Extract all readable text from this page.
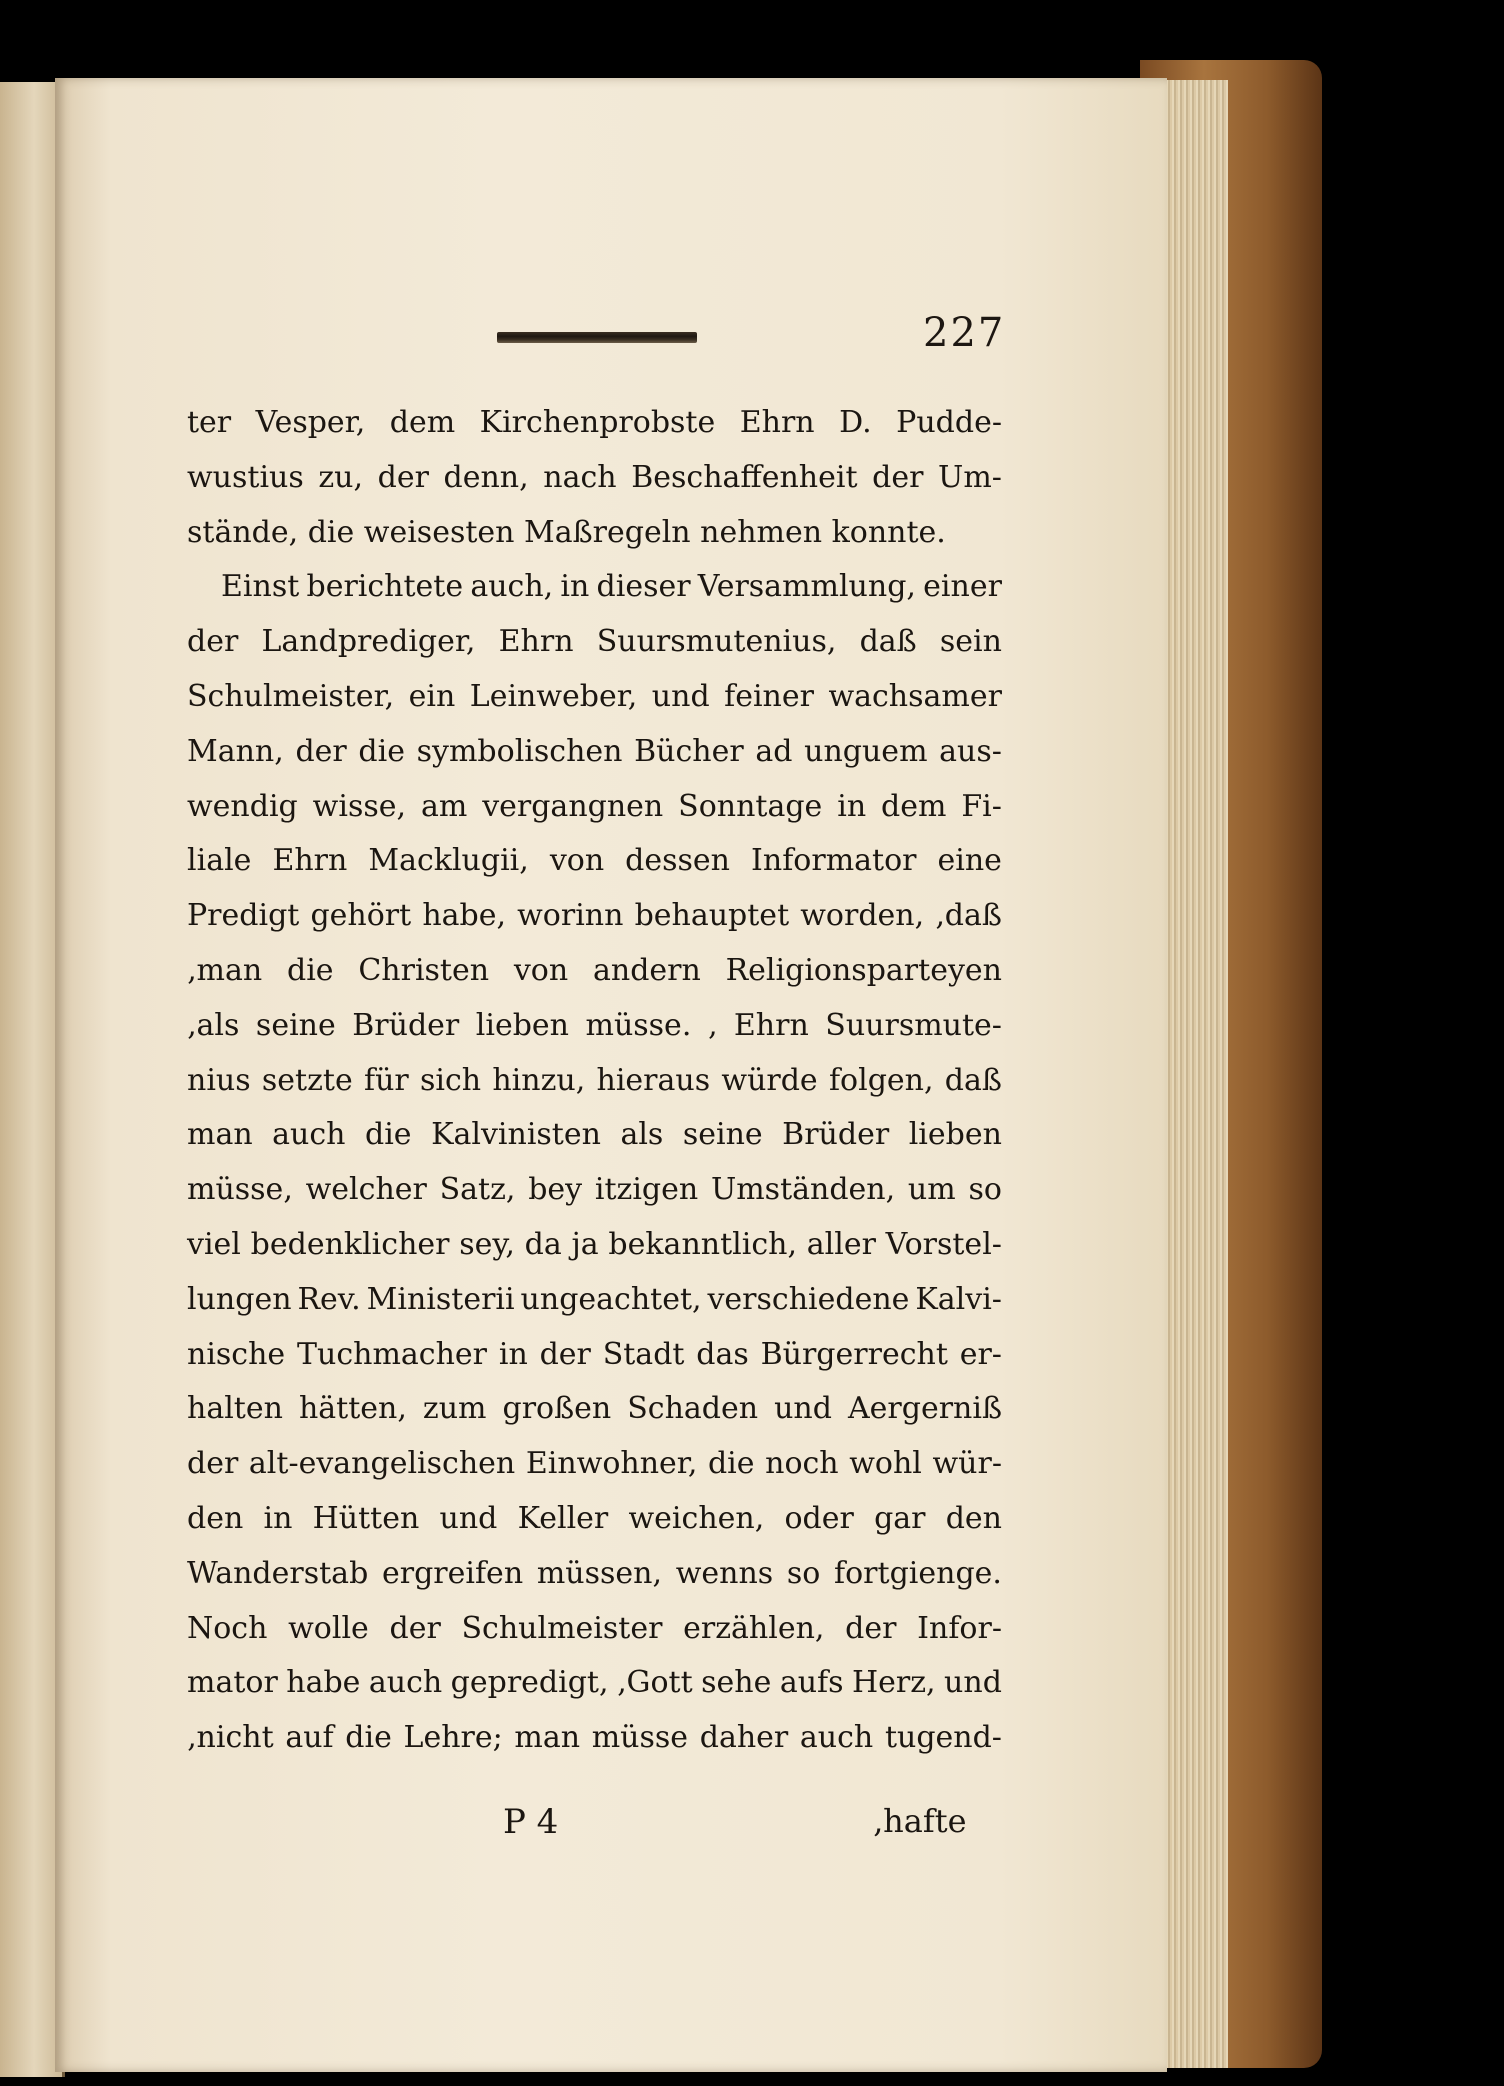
227
ter Vesper, dem Kirchenprobste Ehrn D. Pudde-
wustius zu, der denn, nach Beschaffenheit der Um-
stände, die weisesten Maßregeln nehmen konnte.
Einst berichtete auch, in dieser Versammlung, einer
der Landprediger, Ehrn Suursmutenius, daß sein
Schulmeister, ein Leinweber, und feiner wachsamer
Mann, der die symbolischen Bücher ad unguem aus-
wendig wisse, am vergangnen Sonntage in dem Fi-
liale Ehrn Macklugii, von dessen Informator eine
Predigt gehört habe, worinn behauptet worden, ‚daß
‚man die Christen von andern Religionsparteyen
‚als seine Brüder lieben müsse. ‚ Ehrn Suursmute-
nius setzte für sich hinzu, hieraus würde folgen, daß
man auch die Kalvinisten als seine Brüder lieben
müsse, welcher Satz, bey itzigen Umständen, um so
viel bedenklicher sey, da ja bekanntlich, aller Vorstel-
lungen Rev. Ministerii ungeachtet, verschiedene Kalvi-
nische Tuchmacher in der Stadt das Bürgerrecht er-
halten hätten, zum großen Schaden und Aergerniß
der alt-evangelischen Einwohner, die noch wohl wür-
den in Hütten und Keller weichen, oder gar den
Wanderstab ergreifen müssen, wenns so fortgienge.
Noch wolle der Schulmeister erzählen, der Infor-
mator habe auch gepredigt, ‚Gott sehe aufs Herz, und
‚nicht auf die Lehre; man müsse daher auch tugend-
P 4	‚hafte
